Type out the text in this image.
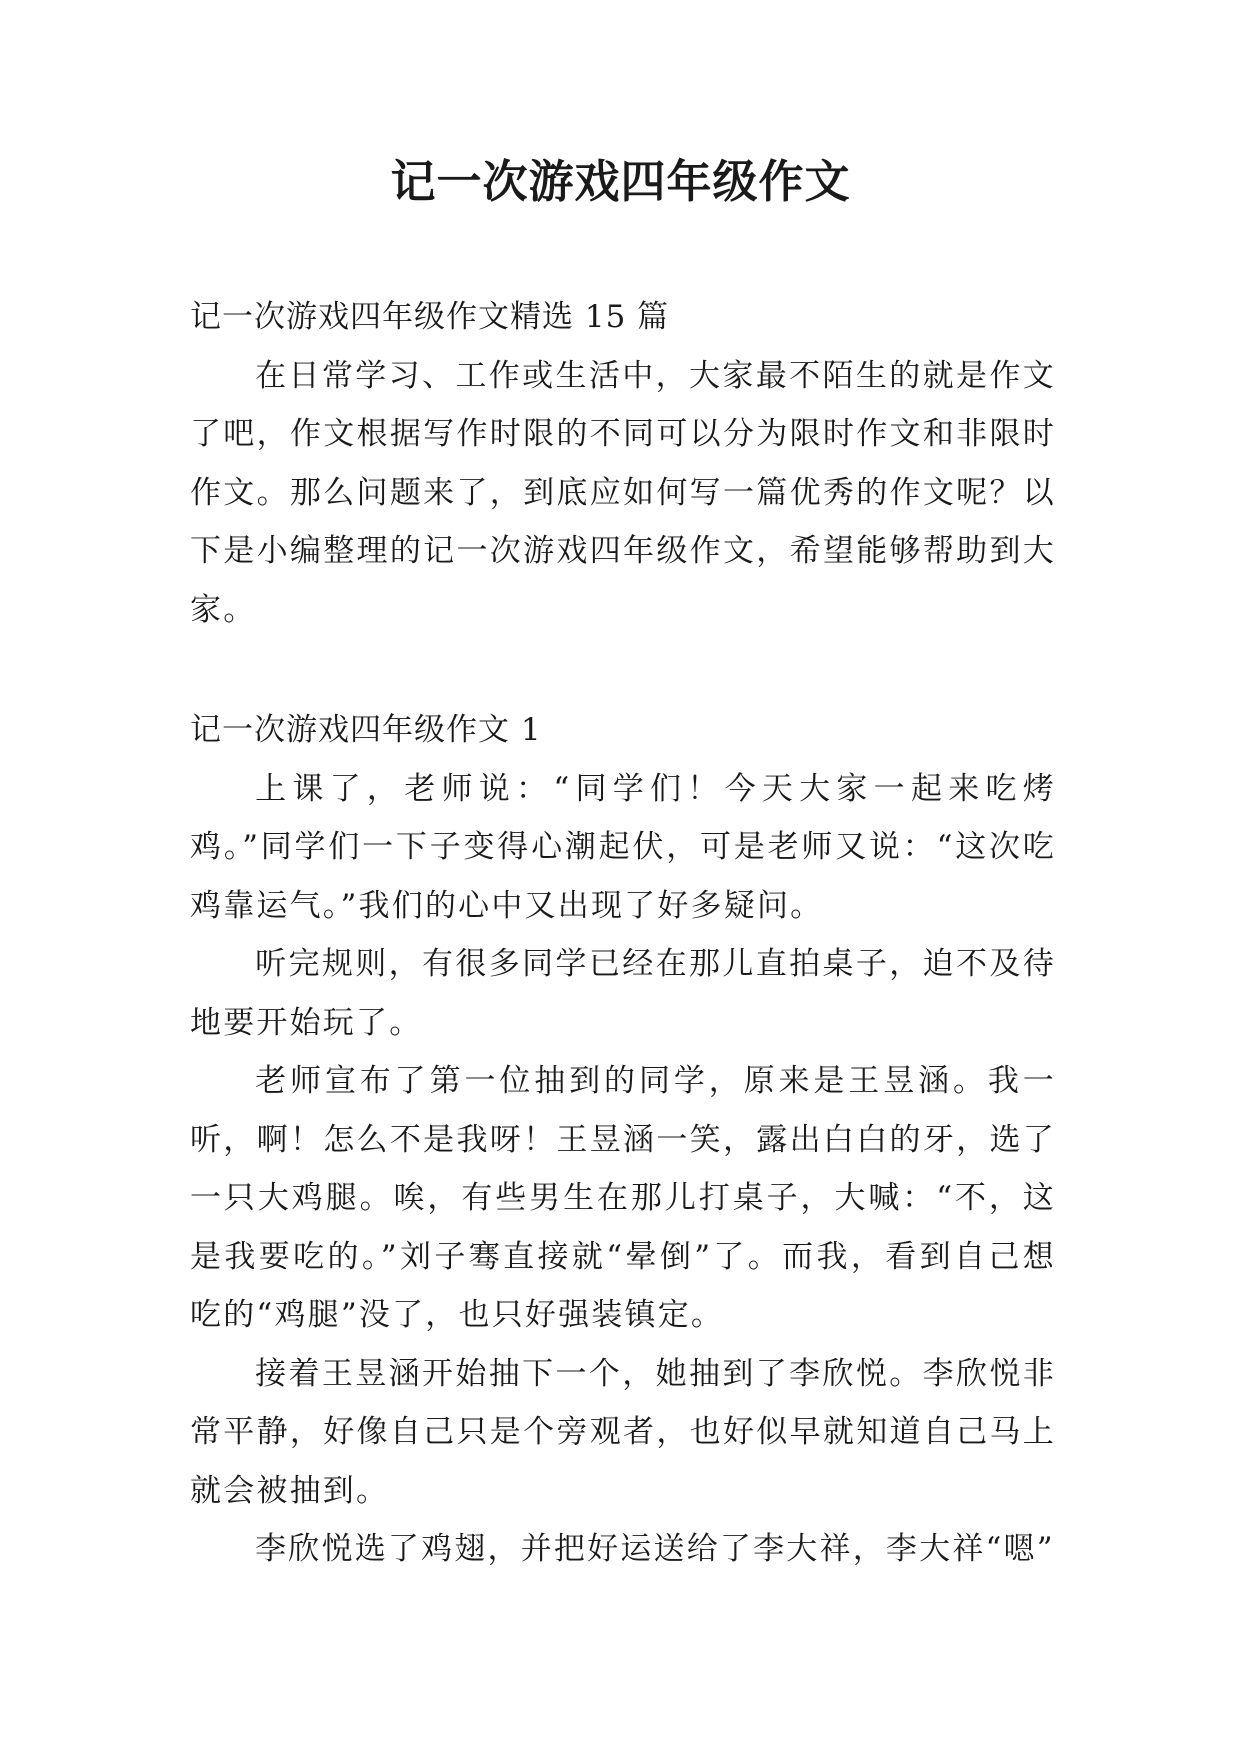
记一次游戏四年级作文

记一次游戏四年级作文精选 15 篇

在日常学习、工作或生活中，大家最不陌生的就是作文了吧，作文根据写作时限的不同可以分为限时作文和非限时作文。那么问题来了，到底应如何写一篇优秀的作文呢？以下是小编整理的记一次游戏四年级作文，希望能够帮助到大家。

记一次游戏四年级作文 1

上课了，老师说：“同学们！今天大家一起来吃烤鸡。”同学们一下子变得心潮起伏，可是老师又说：“这次吃鸡靠运气。”我们的心中又出现了好多疑问。

听完规则，有很多同学已经在那儿直拍桌子，迫不及待地要开始玩了。

老师宣布了第一位抽到的同学，原来是王昱涵。我一听，啊！怎么不是我呀！王昱涵一笑，露出白白的牙，选了一只大鸡腿。唉，有些男生在那儿打桌子，大喊：“不，这是我要吃的。”刘子骞直接就“晕倒”了。而我，看到自己想吃的“鸡腿”没了，也只好强装镇定。

接着王昱涵开始抽下一个，她抽到了李欣悦。李欣悦非常平静，好像自己只是个旁观者，也好似早就知道自己马上就会被抽到。

李欣悦选了鸡翅，并把好运送给了李大祥，李大祥“嗯”
